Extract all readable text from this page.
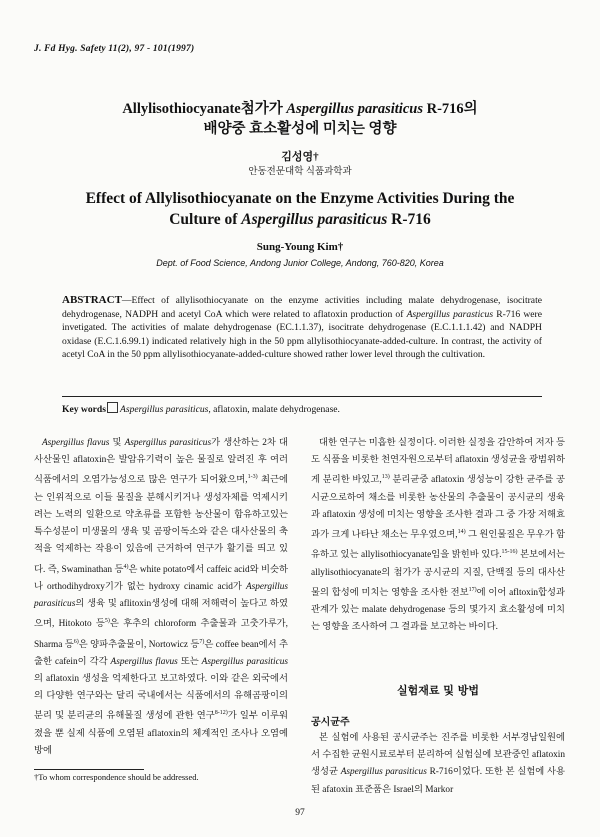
J. Fd Hyg. Safety 11(2), 97 - 101(1997)
Allylisothiocyanate첨가가 Aspergillus parasiticus R-716의
배양중 효소활성에 미치는 영향
김성영†
안동전문대학 식품과학과
Effect of Allylisothiocyanate on the Enzyme Activities During the
Culture of Aspergillus parasiticus R-716
Sung-Young Kim†
Dept. of Food Science, Andong Junior College, Andong, 760-820, Korea
ABSTRACT—Effect of allylisothiocyanate on the enzyme activities including malate dehydrogenase, isocitrate dehydrogenase, NADPH and acetyl CoA which were related to aflatoxin production of Aspergillus parasticus R-716 were invetigated. The activities of malate dehydrogenase (EC.1.1.37), isocitrate dehydrogenase (E.C.1.1.1.42) and NADPH oxidase (E.C.1.6.99.1) indicated relatively high in the 50 ppm allylisothiocyanate-added-culture. In contrast, the activity of acetyl CoA in the 50 ppm allylisothiocyanate-added-culture showed rather lower level through the cultivation.
Key words Aspergillus parasiticus, aflatoxin, malate dehydrogenase.
Aspergillus flavus 및 Aspergillus parasiticus가 생산하는 2차 대사산물인 aflatoxin은 발암유기력이 높은 물질로 알려진 후 여러 식품에서의 오염가능성으로 많은 연구가 되어왔으며,$^{1-3)}$ 최근에는 인위적으로 이들 물질을 분해시키거나 생성자체를 억제시키려는 노력의 일환으로 약초류를 포함한 농산물이 함유하고있는 특수성분이 미생물의 생육 및 곰팡이독소와 같은 대사산물의 축적을 억제하는 작용이 있음에 근거하여 연구가 활기를 띄고 있다. 즉, Swaminathan 등$^{4)}$은 white potato에서 caffeic acid와 비슷하나 orthodihydroxy기가 없는 hydroxy cinamic acid가 Aspergillus parasiticus의 생육 및 aflitoxin생성에 대해 저해력이 높다고 하였으며, Hitokoto 등$^{5)}$은 후추의 chloroform 추출물과 고춧가루가, Sharma 등$^{6)}$은 양파추출물이, Nortowicz 등$^{7)}$은 coffee bean에서 추출한 cafein이 각각 Aspergillus flavus 또는 Aspergillus parasiticus의 aflatoxin 생성을 억제한다고 보고하였다. 이와 같은 외국에서의 다양한 연구와는 달리 국내에서는 식품에서의 유해곰팡이의 분리 및 분리균의 유해물질 생성에 관한 연구$^{8-12)}$가 일부 이루워졌을 뿐 실제 식품에 오염된 aflatoxin의 체계적인 조사나 오염예방에
대한 연구는 미흡한 실정이다. 이러한 실정을 감안하여 저자 등도 식품을 비롯한 천연자원으로부터 aflatoxin 생성균을 광범위하게 분리한 바있고,$^{13)}$ 분리균중 aflatoxin 생성능이 강한 균주를 공시균으로하여 채소를 비롯한 농산물의 추출물이 공시균의 생육과 aflatoxin 생성에 미치는 영향을 조사한 결과 그 중 가장 저해효과가 크게 나타난 채소는 무우였으며,$^{14)}$ 그 원인물질은 무우가 함유하고 있는 allylisothiocyanate임을 밝힌바 있다.$^{15-16)}$ 본보에서는 allylisothiocyanate의 첨가가 공시균의 지질, 단백질 등의 대사산물의 합성에 미치는 영향을 조사한 전보$^{17)}$에 이어 afltoxin합성과 관계가 있는 malate dehydrogenase 등의 몇가지 효소활성에 미치는 영향을 조사하여 그 결과를 보고하는 바이다.
실험재료 및 방법
공시균주
본 실험에 사용된 공시균주는 진주를 비롯한 서부경남일원에서 수집한 균원시료로부터 분리하여 실험실에 보관중인 aflatoxin 생성균 Aspergillus parasiticus R-716이었다. 또한 본 실험에 사용된 afatoxin 표준품은 Israel의 Markor
†To whom correspondence should be addressed.
97
